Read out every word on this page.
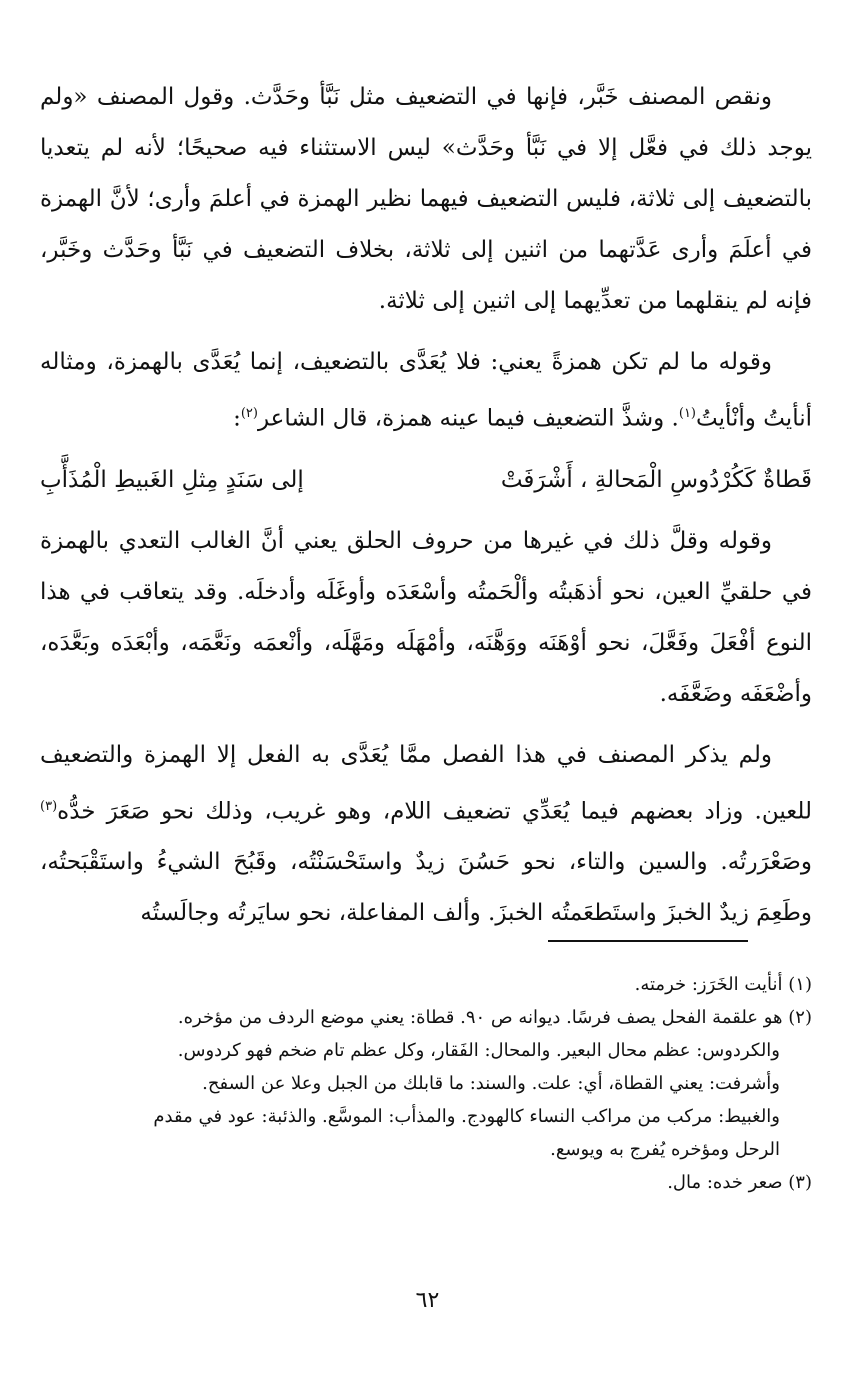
ونقص المصنف خَبَّر، فإنها في التضعيف مثل نَبَّأ وحَدَّث. وقول المصنف «ولم يوجد ذلك في فعَّل إلا في نَبَّأ وحَدَّث» ليس الاستثناء فيه صحيحًا؛ لأنه لم يتعديا بالتضعيف إلى ثلاثة، فليس التضعيف فيهما نظير الهمزة في أعلمَ وأرى؛ لأنَّ الهمزة في أعلَمَ وأرى عَدَّتهما من اثنين إلى ثلاثة، بخلاف التضعيف في نَبَّأ وحَدَّث وخَبَّر، فإنه لم ينقلهما من تعدِّيهما إلى اثنين إلى ثلاثة.

وقوله ما لم تكن همزةً يعني: فلا يُعَدَّى بالتضعيف، إنما يُعَدَّى بالهمزة، ومثاله أنأيتُ وأنْأيتُ$^{(١)}$. وشذَّ التضعيف فيما عينه همزة، قال الشاعر$^{(٢)}$:

قَطاةٌ كَكُرْدُوسِ الْمَحالةِ ، أَشْرَفَتْ
إلى سَنَدٍ مِثلِ الغَبيطِ الْمُذَأَّبِ

وقوله وقلَّ ذلك في غيرها من حروف الحلق يعني أنَّ الغالب التعدي بالهمزة في حلقيِّ العين، نحو أذهَبتُه وألْحَمتُه وأسْعَدَه وأوغَلَه وأدخلَه. وقد يتعاقب في هذا النوع أفْعَلَ وفَعَّلَ، نحو أوْهَنَه ووَهَّنَه، وأمْهَلَه ومَهَّلَه، وأنْعمَه ونَعَّمَه، وأبْعَدَه وبَعَّدَه، وأضْعَفَه وضَعَّفَه.

ولم يذكر المصنف في هذا الفصل ممَّا يُعَدَّى به الفعل إلا الهمزة والتضعيف للعين. وزاد بعضهم فيما يُعَدِّي تضعيف اللام، وهو غريب، وذلك نحو صَعَرَ خدُّه$^{(٣)}$ وصَعْرَرتُه. والسين والتاء، نحو حَسُنَ زيدٌ واستَحْسَنْتُه، وقَبُحَ الشيءُ واستَقْبَحتُه، وطَعِمَ زيدٌ الخبزَ واستَطعَمتُه الخبزَ. وألف المفاعلة، نحو سايَرتُه وجالَستُه

(١) أنأيت الخَرَز: خرمته.

(٢) هو علقمة الفحل يصف فرسًا. ديوانه ص ٩٠. قطاة: يعني موضع الردف من مؤخره.

والكردوس: عظم محال البعير. والمحال: الفَقار، وكل عظم تام ضخم فهو كردوس.

وأشرفت: يعني القطاة، أي: علت. والسند: ما قابلك من الجبل وعلا عن السفح.

والغبيط: مركب من مراكب النساء كالهودج. والمذأب: الموسَّع. والذئبة: عود في مقدم

الرحل ومؤخره يُفرج به ويوسع.

(٣) صعر خده: مال.

٦٢
